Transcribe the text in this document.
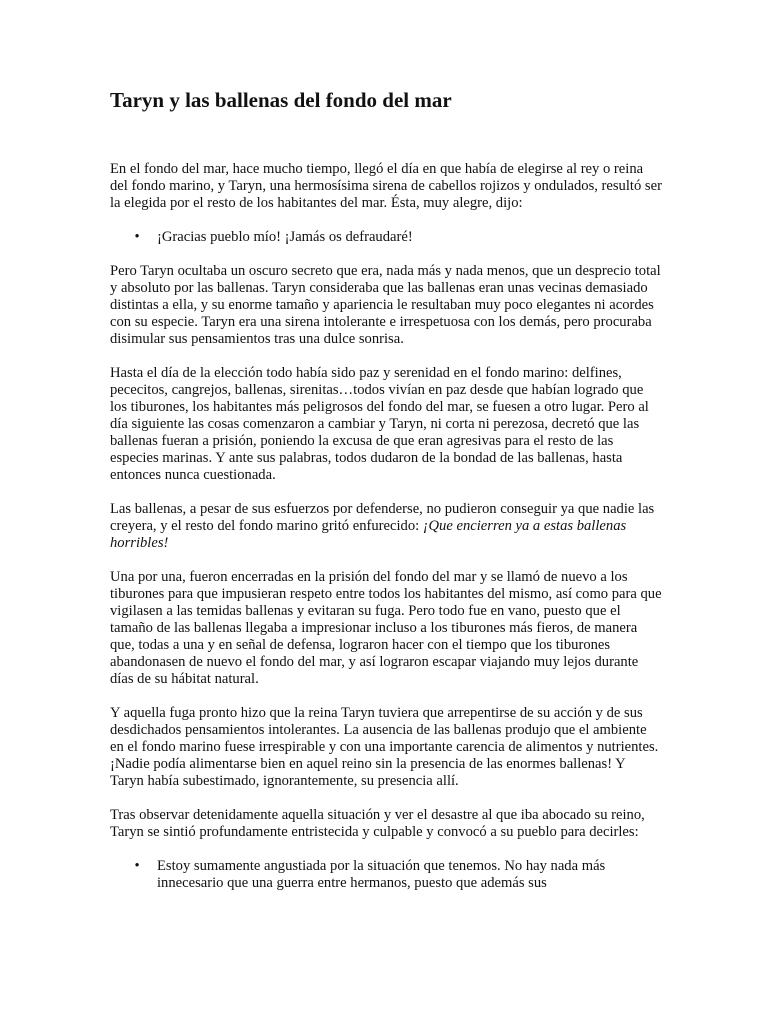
Taryn y las ballenas del fondo del mar

En el fondo del mar, hace mucho tiempo, llegó el día en que había de elegirse al rey o reina del fondo marino, y Taryn, una hermosísima sirena de cabellos rojizos y ondulados, resultó ser la elegida por el resto de los habitantes del mar. Ésta, muy alegre, dijo:

• ¡Gracias pueblo mío! ¡Jamás os defraudaré!

Pero Taryn ocultaba un oscuro secreto que era, nada más y nada menos, que un desprecio total y absoluto por las ballenas. Taryn consideraba que las ballenas eran unas vecinas demasiado distintas a ella, y su enorme tamaño y apariencia le resultaban muy poco elegantes ni acordes con su especie. Taryn era una sirena intolerante e irrespetuosa con los demás, pero procuraba disimular sus pensamientos tras una dulce sonrisa.

Hasta el día de la elección todo había sido paz y serenidad en el fondo marino: delfines, pececitos, cangrejos, ballenas, sirenitas…todos vivían en paz desde que habían logrado que los tiburones, los habitantes más peligrosos del fondo del mar, se fuesen a otro lugar. Pero al día siguiente las cosas comenzaron a cambiar y Taryn, ni corta ni perezosa, decretó que las ballenas fueran a prisión, poniendo la excusa de que eran agresivas para el resto de las especies marinas. Y ante sus palabras, todos dudaron de la bondad de las ballenas, hasta entonces nunca cuestionada.

Las ballenas, a pesar de sus esfuerzos por defenderse, no pudieron conseguir ya que nadie las creyera, y el resto del fondo marino gritó enfurecido: ¡Que encierren ya a estas ballenas horribles!

Una por una, fueron encerradas en la prisión del fondo del mar y se llamó de nuevo a los tiburones para que impusieran respeto entre todos los habitantes del mismo, así como para que vigilasen a las temidas ballenas y evitaran su fuga. Pero todo fue en vano, puesto que el tamaño de las ballenas llegaba a impresionar incluso a los tiburones más fieros, de manera que, todas a una y en señal de defensa, lograron hacer con el tiempo que los tiburones abandonasen de nuevo el fondo del mar, y así lograron escapar viajando muy lejos durante días de su hábitat natural.

Y aquella fuga pronto hizo que la reina Taryn tuviera que arrepentirse de su acción y de sus desdichados pensamientos intolerantes. La ausencia de las ballenas produjo que el ambiente en el fondo marino fuese irrespirable y con una importante carencia de alimentos y nutrientes. ¡Nadie podía alimentarse bien en aquel reino sin la presencia de las enormes ballenas! Y Taryn había subestimado, ignorantemente, su presencia allí.

Tras observar detenidamente aquella situación y ver el desastre al que iba abocado su reino, Taryn se sintió profundamente entristecida y culpable y convocó a su pueblo para decirles:

• Estoy sumamente angustiada por la situación que tenemos. No hay nada más innecesario que una guerra entre hermanos, puesto que además sus
